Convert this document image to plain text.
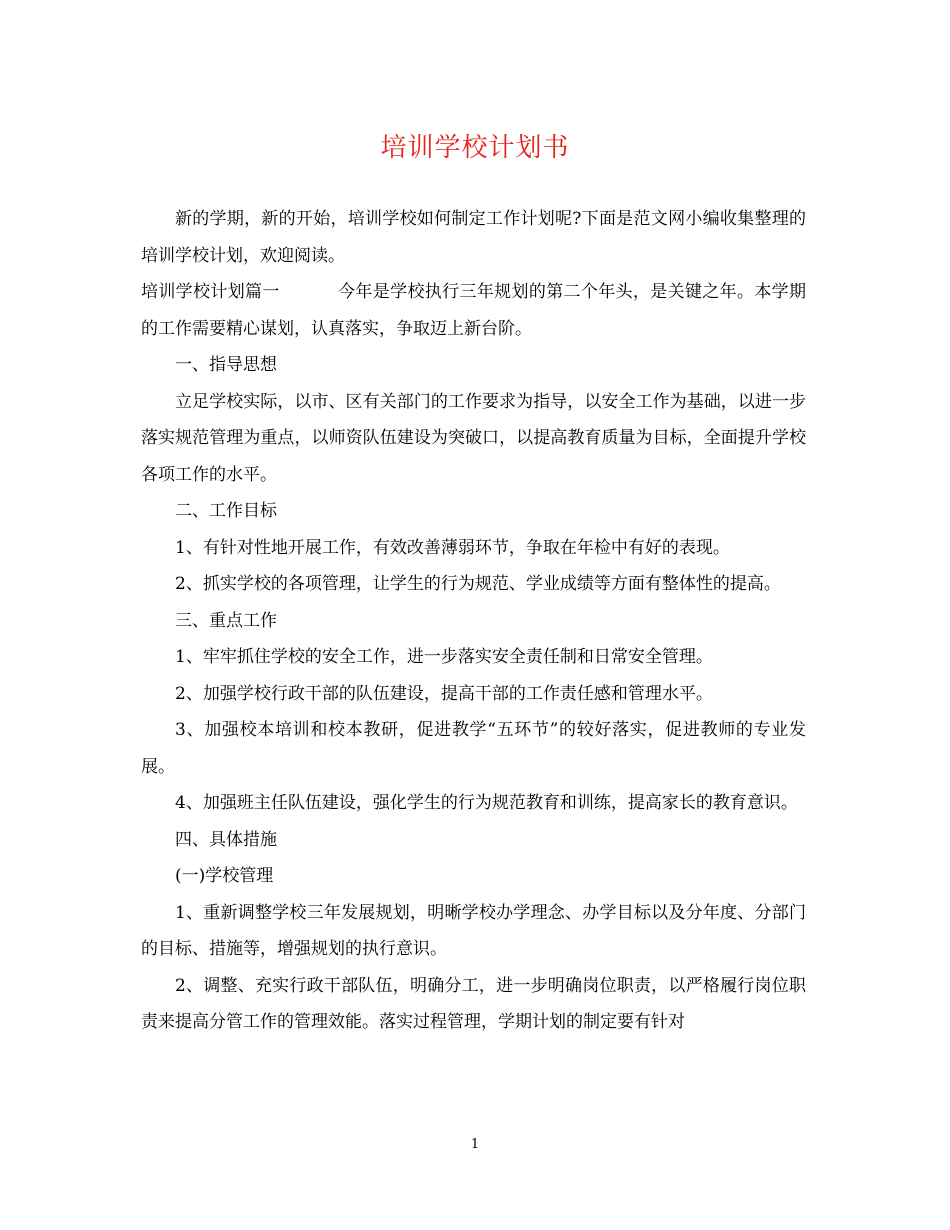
培训学校计划书

新的学期，新的开始，培训学校如何制定工作计划呢?下面是范文网小编收集整理的培训学校计划，欢迎阅读。

培训学校计划篇一	今年是学校执行三年规划的第二个年头，是关键之年。本学期的工作需要精心谋划，认真落实，争取迈上新台阶。

一、指导思想

立足学校实际，以市、区有关部门的工作要求为指导，以安全工作为基础，以进一步落实规范管理为重点，以师资队伍建设为突破口，以提高教育质量为目标，全面提升学校各项工作的水平。

二、工作目标

1、有针对性地开展工作，有效改善薄弱环节，争取在年检中有好的表现。

2、抓实学校的各项管理，让学生的行为规范、学业成绩等方面有整体性的提高。

三、重点工作

1、牢牢抓住学校的安全工作，进一步落实安全责任制和日常安全管理。

2、加强学校行政干部的队伍建设，提高干部的工作责任感和管理水平。

3、加强校本培训和校本教研，促进教学“五环节”的较好落实，促进教师的专业发展。

4、加强班主任队伍建设，强化学生的行为规范教育和训练，提高家长的教育意识。

四、具体措施

(一)学校管理

1、重新调整学校三年发展规划，明晰学校办学理念、办学目标以及分年度、分部门的目标、措施等，增强规划的执行意识。

2、调整、充实行政干部队伍，明确分工，进一步明确岗位职责，以严格履行岗位职责来提高分管工作的管理效能。落实过程管理，学期计划的制定要有针对

1
